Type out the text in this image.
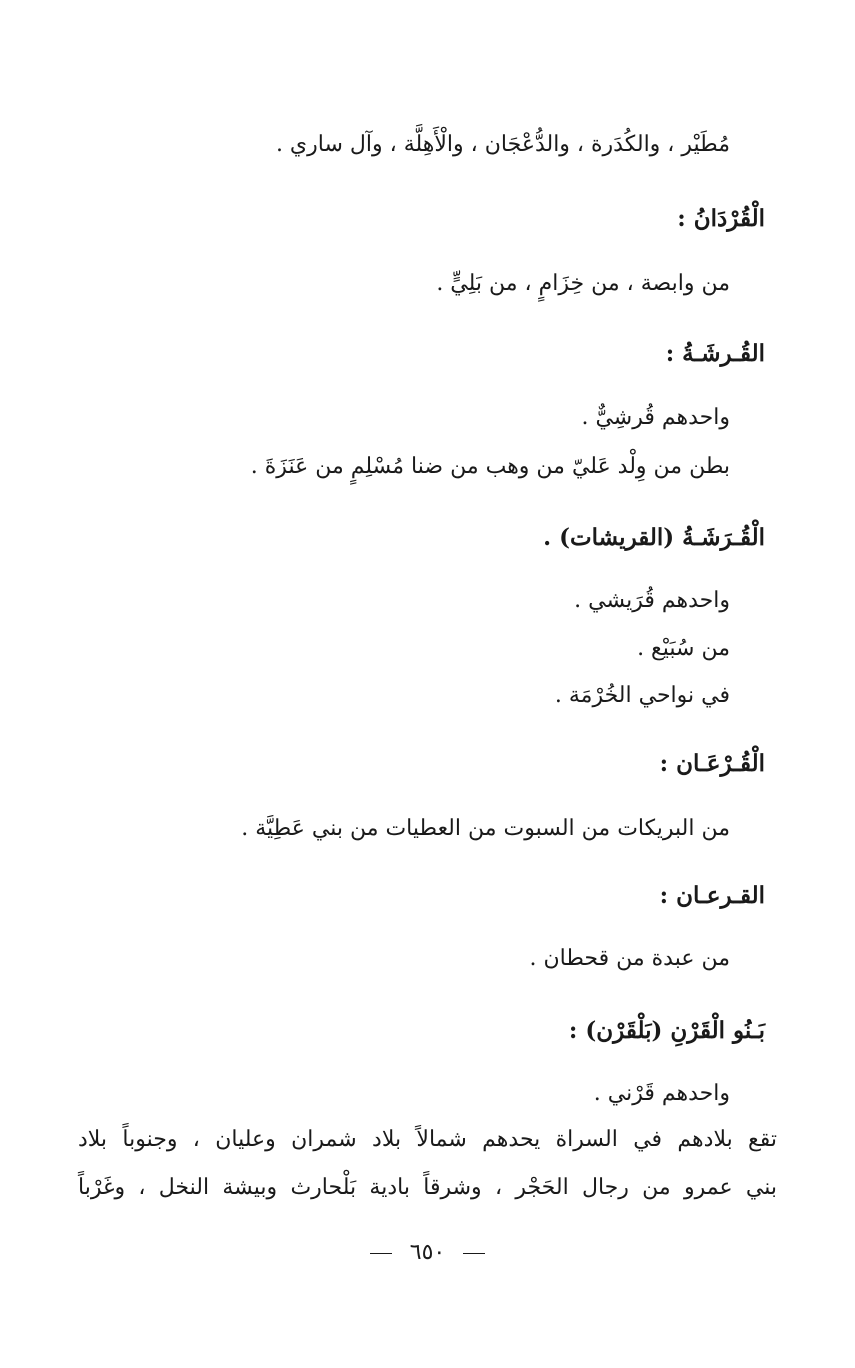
مُطَيْر ، والكُدَرة ، والدُّعْجَان ، والْأَهِلَّة ، وآل ساري .
الْقُرْدَانُ :
من وابصة ، من خِزَامٍ ، من بَلِيٍّ .
القُـرشَـةُ :
واحدهم قُرشِيٌّ .
بطن من وِلْد عَليّ من وهب من ضنا مُسْلِمٍ من عَنَزَةَ .
الْقُـرَشَـةُ (القريشات) .
واحدهم قُرَيشي .
من سُبَيْع .
في نواحي الخُرْمَة .
الْقُـرْعَـان :
من البريكات من السبوت من العطيات من بني عَطِيَّة .
القـرعـان :
من عبدة من قحطان .
بَـنُو الْقَرْنِ (بَلْقَرْن) :
واحدهم قَرْني .
تقع بلادهم في السراة يحدهم شمالاً بلاد شمران وعليان ، وجنوباً بلاد
بني عمرو من رجال الحَجْر ، وشرقاً بادية بَلْحارث وبيشة النخل ، وغَرْباً
٦٥٠
